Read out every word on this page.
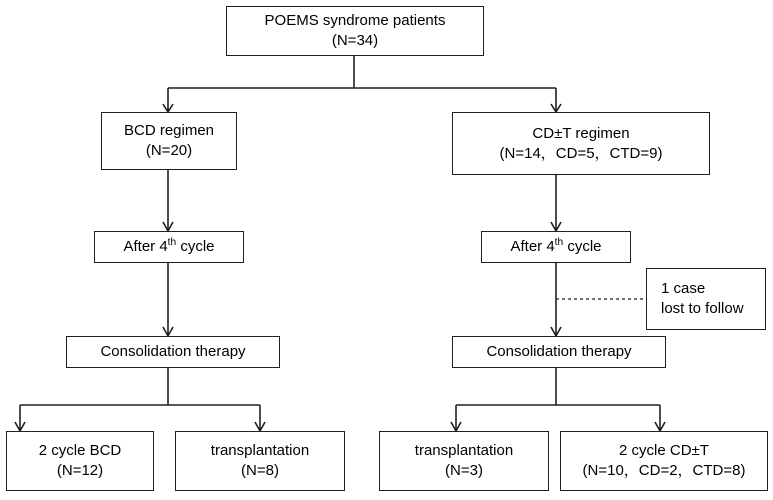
POEMS syndrome patients
(N=34)
BCD regimen
(N=20)
CD±T regimen
(N=14，CD=5，CTD=9)
After 4th cycle	After 4th cycle
1 case
lost to follow
Consolidation therapy	Consolidation therapy
2 cycle BCD
(N=12)
transplantation
(N=8)
transplantation
(N=3)
2 cycle CD±T
(N=10，CD=2，CTD=8)
